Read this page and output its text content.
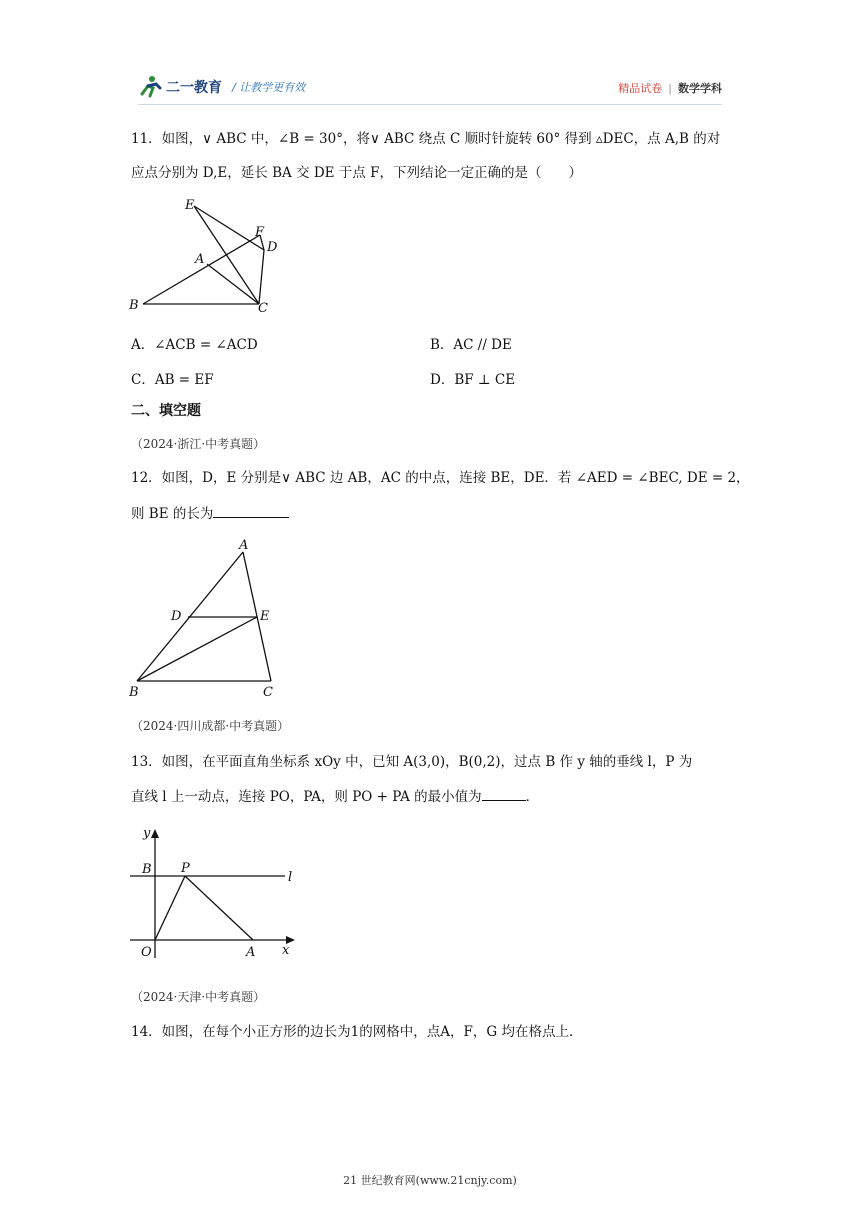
二一教育 / 让教学更有效	精品试卷 | 数学学科
11．如图，∨ ABC 中，∠B = 30°，将∨ ABC 绕点 C 顺时针旋转 60° 得到 ▵DEC，点 A,B 的对
应点分别为 D,E，延长 BA 交 DE 于点 F，下列结论一定正确的是（　　）
E
F
D
A
B	C
A．∠ACB = ∠ACD	B．AC // DE
C．AB = EF	D．BF ⊥ CE
二、填空题
（2024·浙江·中考真题）
12．如图，D，E 分别是∨ ABC 边 AB，AC 的中点，连接 BE，DE．若 ∠AED = ∠BEC, DE = 2，
则 BE 的长为
A
D	E
B	C
（2024·四川成都·中考真题）
13．如图，在平面直角坐标系 xOy 中，已知 A(3,0)，B(0,2)，过点 B 作 y 轴的垂线 l，P 为
直线 l 上一动点，连接 PO，PA，则 PO + PA 的最小值为	．
y
B P
l
O	A x
（2024·天津·中考真题）
14．如图，在每个小正方形的边长为1的网格中，点A，F，G 均在格点上．
21 世纪教育网(www.21cnjy.com)
